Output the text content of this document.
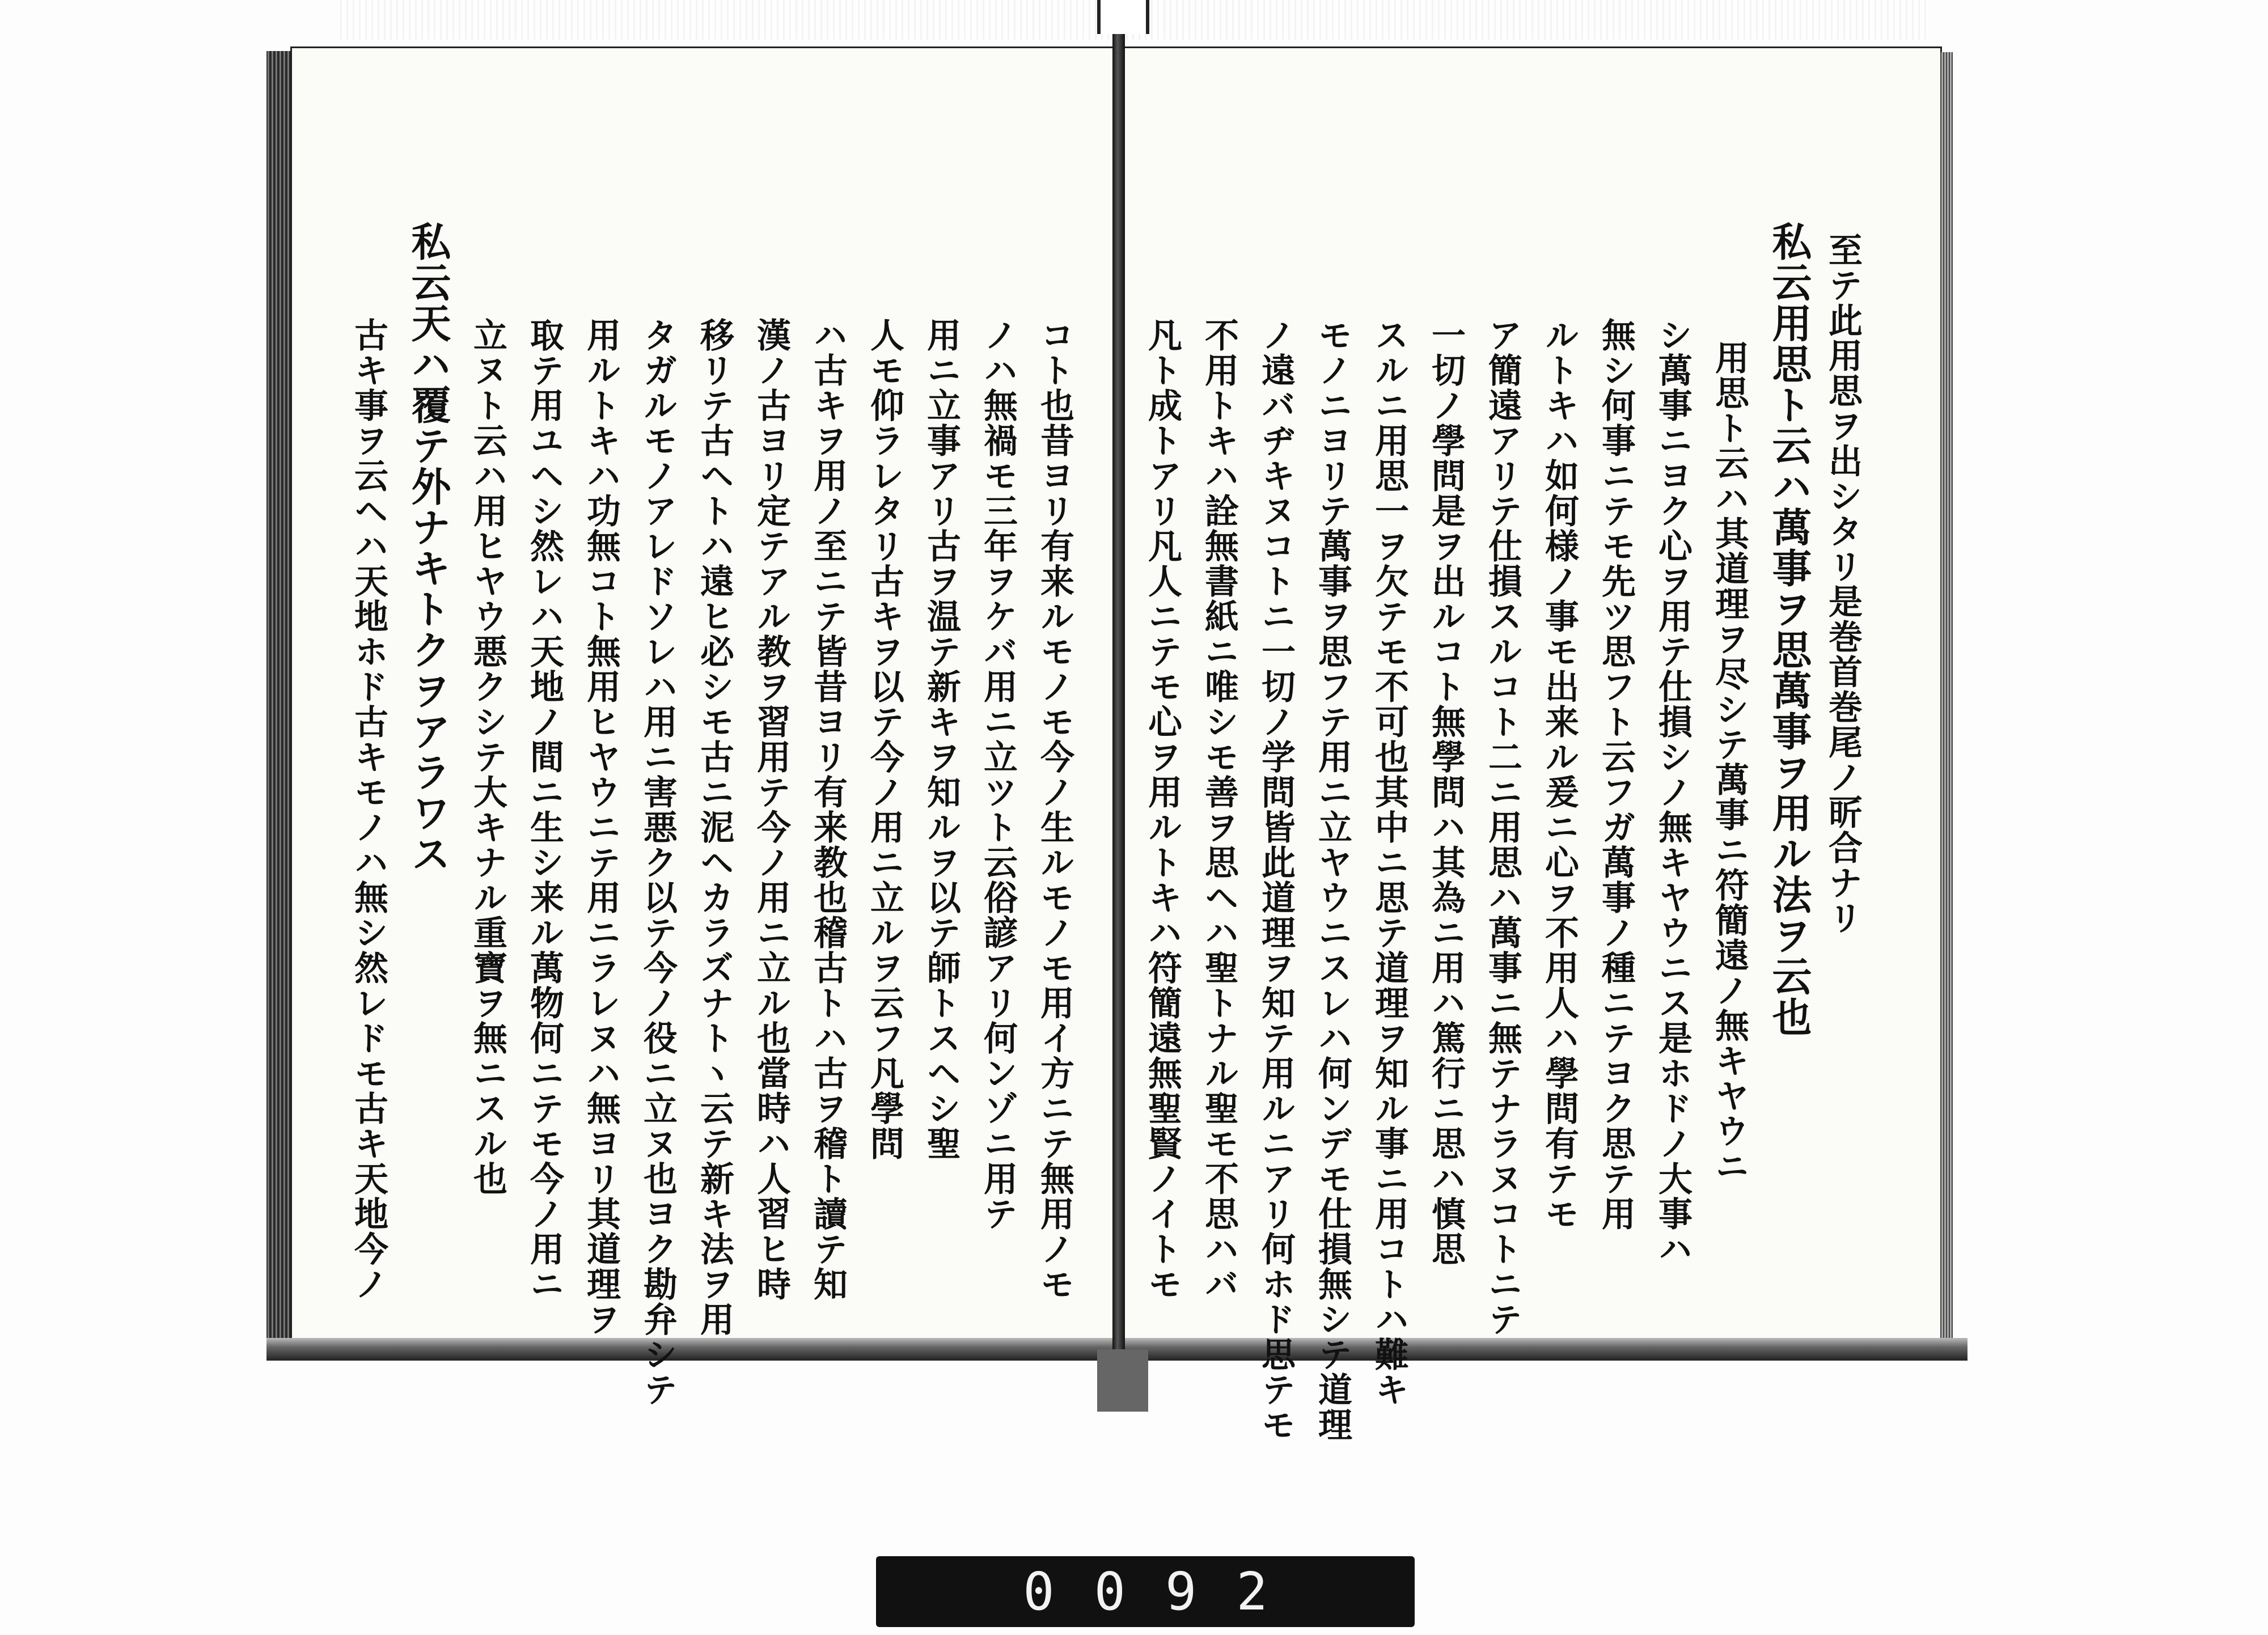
至テ此用思ヲ出シタリ是巻首巻尾ノ㪽合ナリ
私云用思ト云ハ萬事ヲ思萬事ヲ用ル法ヲ云也
用思ト云ハ其道理ヲ尽シテ萬事ニ符簡遠ノ無キヤウニ
シ萬事ニヨク心ヲ用テ仕損シノ無キヤウニス是ホドノ大事ハ
無シ何事ニテモ先ツ思フト云フガ萬事ノ種ニテヨク思テ用
ルトキハ如何様ノ事モ出来ル爰ニ心ヲ不用人ハ學問有テモ
ア簡遠アリテ仕損スルコト二ニ用思ハ萬事ニ無テナラヌコトニテ
一切ノ學問是ヲ出ルコト無學問ハ其為ニ用ハ篤行ニ思ハ慎思
スルニ用思一ヲ欠テモ不可也其中ニ思テ道理ヲ知ル事ニ用コトハ難キ
モノニヨリテ萬事ヲ思フテ用ニ立ヤウニスレハ何ンデモ仕損無シテ道理
ノ遠バヂキヌコトニ一切ノ学問皆此道理ヲ知テ用ルニアリ何ホド思テモ
不用トキハ詮無書紙ニ唯シモ善ヲ思ヘハ聖トナル聖モ不思ハバ
凡ト成トアリ凡人ニテモ心ヲ用ルトキハ符簡遠無聖賢ノイトモ
コト也昔ヨリ有来ルモノモ今ノ生ルモノモ用イ方ニテ無用ノモ
ノハ無禍モ三年ヲケバ用ニ立ツト云俗諺アリ何ンゾニ用テ
用ニ立事アリ古ヲ温テ新キヲ知ルヲ以テ師トスヘシ聖
人モ仰ラレタリ古キヲ以テ今ノ用ニ立ルヲ云フ凡學問
ハ古キヲ用ノ至ニテ皆昔ヨリ有来教也稽古トハ古ヲ稽ト讀テ知
漢ノ古ヨリ定テアル教ヲ習用テ今ノ用ニ立ル也當時ハ人習ヒ時
移リテ古ヘトハ遠ヒ必シモ古ニ泥ヘカラズナトヽ云テ新キ法ヲ用
タガルモノアレドソレハ用ニ害悪ク以テ今ノ役ニ立ヌ也ヨク勘弁シテ
用ルトキハ功無コト無用ヒヤウニテ用ニラレヌハ無ヨリ其道理ヲ
取テ用ユヘシ然レハ天地ノ間ニ生シ来ル萬物何ニテモ今ノ用ニ
立ヌト云ハ用ヒヤウ悪クシテ大キナル重寶ヲ無ニスル也
私云天ハ覆テ外ナキトクヲアラワス
古キ事ヲ云ヘハ天地ホド古キモノハ無シ然レドモ古キ天地今ノ
0092
